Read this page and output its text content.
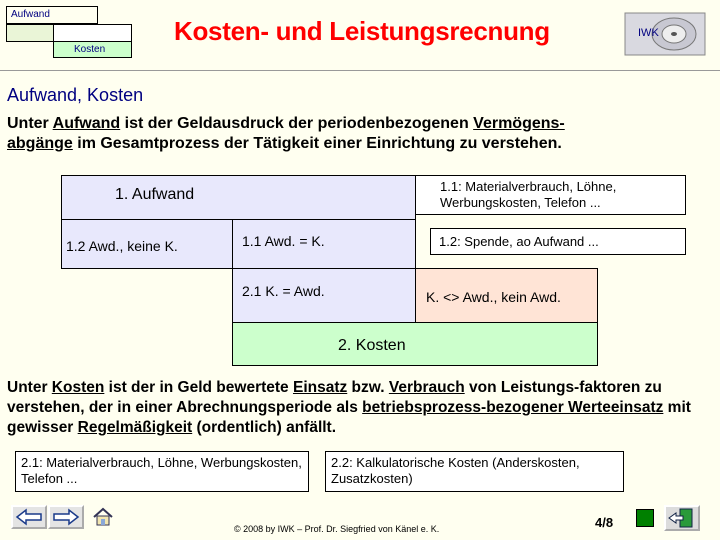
Aufwand
Kosten
Kosten- und Leistungsrecnung	IWK
Aufwand, Kosten
Unter Aufwand ist der Geldausdruck der periodenbezogenen Vermögens-
abgänge im Gesamtprozess der Tätigkeit einer Einrichtung zu verstehen.
1. Aufwand	1.1: Materialverbrauch, Löhne, Werbungskosten, Telefon ...
1.2 Awd., keine K.	1.1 Awd. = K.	1.2: Spende, ao Aufwand ...
2.1 K. = Awd.	K. <> Awd., kein Awd.
2. Kosten
Unter Kosten ist der in Geld bewertete Einsatz bzw. Verbrauch von Leistungs-faktoren zu verstehen, der in einer Abrechnungsperiode als betriebsprozess-bezogener Werteeinsatz mit gewisser Regelmäßigkeit (ordentlich) anfällt.
2.1: Materialverbrauch, Löhne, Werbungskosten, Telefon ...
2.2: Kalkulatorische Kosten (Anderskosten, Zusatzkosten)
© 2008 by IWK – Prof. Dr. Siegfried von Känel e. K.	4/8
